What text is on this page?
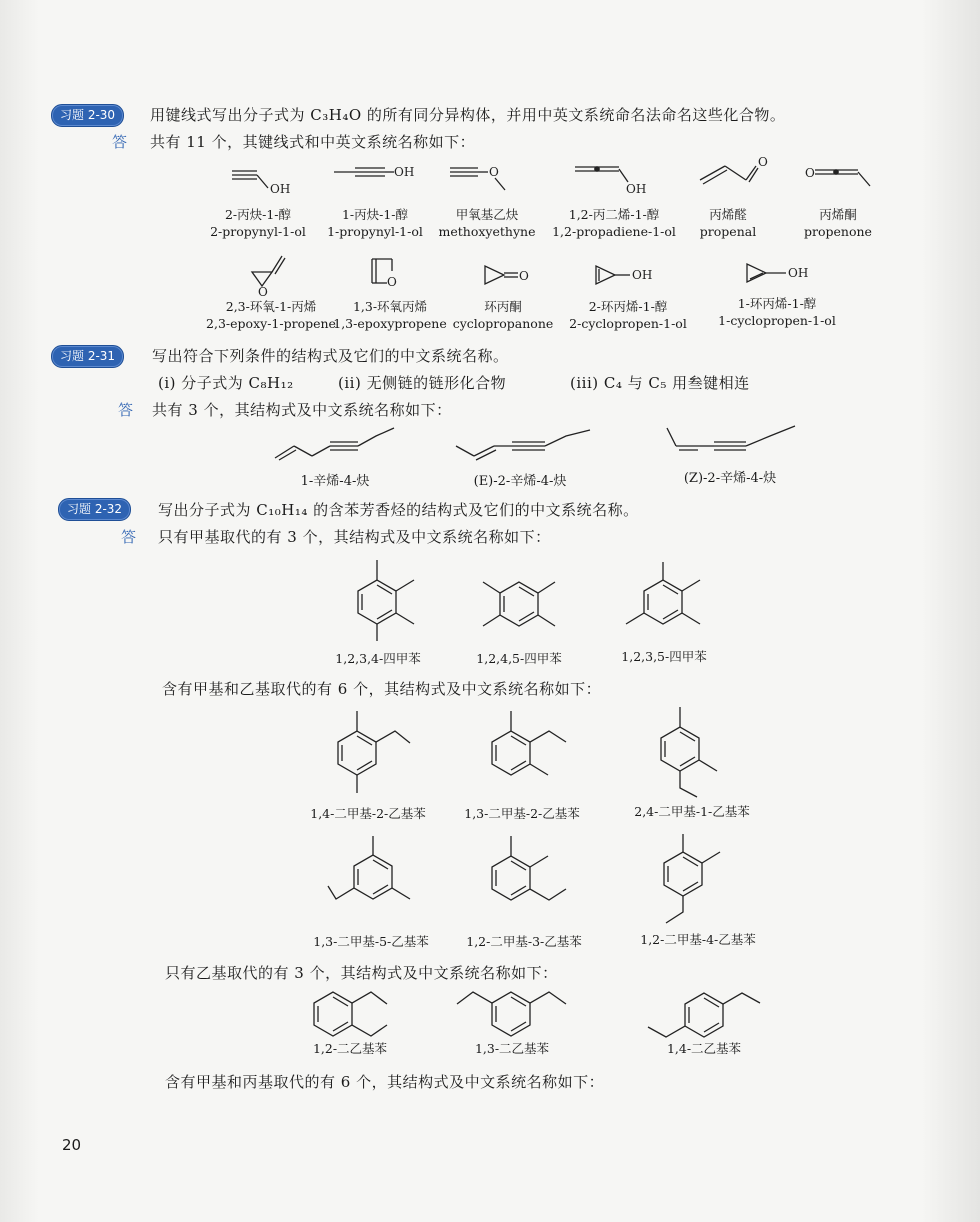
习题 2-30	用键线式写出分子式为 C₃H₄O 的所有同分异构体，并用中英文系统命名法命名这些化合物。
答 共有 11 个，其键线式和中英文系统名称如下：
2-丙炔-1-醇
2-propynyl-1-ol
1-丙炔-1-醇
1-propynyl-1-ol
甲氧基乙炔
methoxyethyne
1,2-丙二烯-1-醇
1,2-propadiene-1-ol
丙烯醛
propenal
丙烯酮
propenone
2,3-环氧-1-丙烯
2,3-epoxy-1-propene
1,3-环氧丙烯
1,3-epoxypropene
环丙酮
cyclopropanone
2-环丙烯-1-醇
2-cyclopropen-1-ol
1-环丙烯-1-醇
1-cyclopropen-1-ol
习题 2-31	写出符合下列条件的结构式及它们的中文系统名称。
(i) 分子式为 C₈H₁₂	(ii) 无侧链的链形化合物	(iii) C₄ 与 C₅ 用叁键相连
答 共有 3 个，其结构式及中文系统名称如下：
1-辛烯-4-炔	(E)-2-辛烯-4-炔	(Z)-2-辛烯-4-炔
习题 2-32	写出分子式为 C₁₀H₁₄ 的含苯芳香烃的结构式及它们的中文系统名称。
答 只有甲基取代的有 3 个，其结构式及中文系统名称如下：
1,2,3,4-四甲苯	1,2,4,5-四甲苯	1,2,3,5-四甲苯
含有甲基和乙基取代的有 6 个，其结构式及中文系统名称如下：
1,4-二甲基-2-乙基苯	1,3-二甲基-2-乙基苯	2,4-二甲基-1-乙基苯
1,3-二甲基-5-乙基苯	1,2-二甲基-3-乙基苯	1,2-二甲基-4-乙基苯
只有乙基取代的有 3 个，其结构式及中文系统名称如下：
1,2-二乙基苯	1,3-二乙基苯	1,4-二乙基苯
含有甲基和丙基取代的有 6 个，其结构式及中文系统名称如下：
20
OH
OH	O
OH
O
O
O
O	O	OH	OH
